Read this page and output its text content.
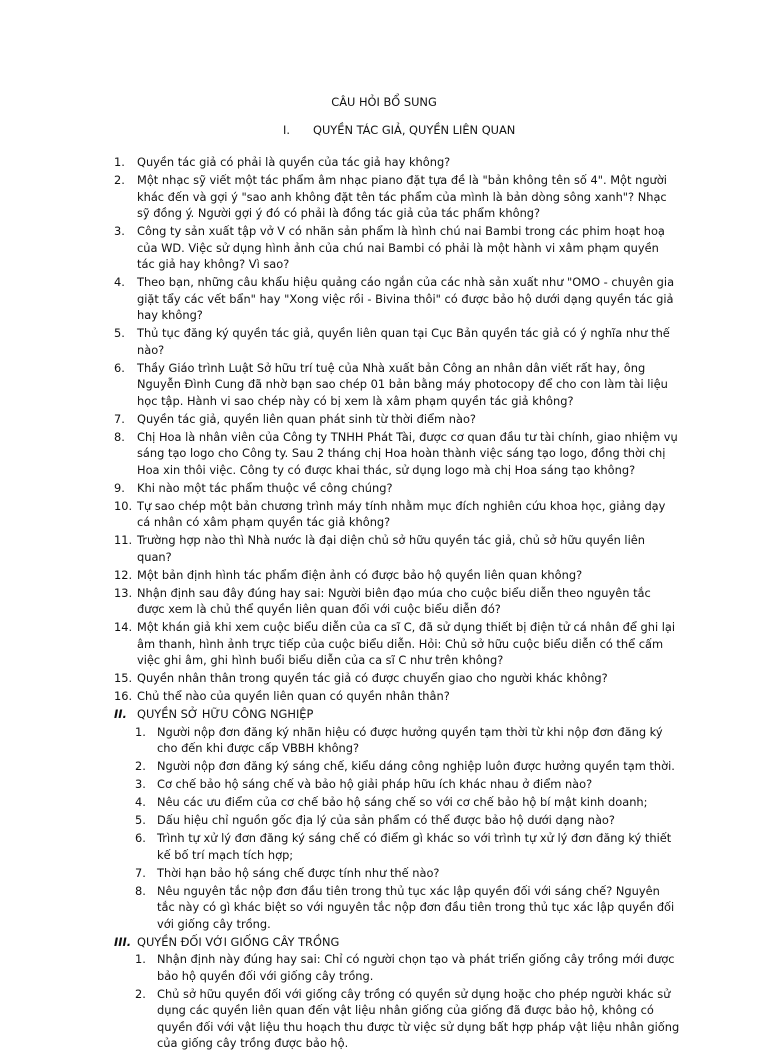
CÂU HỎI BỔ SUNG
I. QUYỀN TÁC GIẢ, QUYỀN LIÊN QUAN
1.	Quyền tác giả có phải là quyền của tác giả hay không?
2.	Một nhạc sỹ viết một tác phẩm âm nhạc piano đặt tựa đề là "bản không tên số 4". Một người khác đến và gợi ý "sao anh không đặt tên tác phẩm của mình là bản dòng sông xanh"? Nhạc sỹ đồng ý. Người gợi ý đó có phải là đồng tác giả của tác phẩm không?
3.	Công ty sản xuất tập vở V có nhãn sản phẩm là hình chú nai Bambi trong các phim hoạt hoạ của WD. Việc sử dụng hình ảnh của chú nai Bambi có phải là một hành vi xâm phạm quyền tác giả hay không? Vì sao?
4.	Theo bạn, những câu khẩu hiệu quảng cáo ngắn của các nhà sản xuất như "OMO - chuyên gia giặt tẩy các vết bẩn" hay "Xong việc rồi - Bivina thôi" có được bảo hộ dưới dạng quyền tác giả hay không?
5.	Thủ tục đăng ký quyền tác giả, quyền liên quan tại Cục Bản quyền tác giả có ý nghĩa như thế nào?
6.	Thầy Giáo trình Luật Sở hữu trí tuệ của Nhà xuất bản Công an nhân dân viết rất hay, ông Nguyễn Đình Cung đã nhờ bạn sao chép 01 bản bằng máy photocopy để cho con làm tài liệu học tập. Hành vi sao chép này có bị xem là xâm phạm quyền tác giả không?
7.	Quyền tác giả, quyền liên quan phát sinh từ thời điểm nào?
8.	Chị Hoa là nhân viên của Công ty TNHH Phát Tài, được cơ quan đầu tư tài chính, giao nhiệm vụ sáng tạo logo cho Công ty. Sau 2 tháng chị Hoa hoàn thành việc sáng tạo logo, đồng thời chị Hoa xin thôi việc. Công ty có được khai thác, sử dụng logo mà chị Hoa sáng tạo không?
9.	Khi nào một tác phẩm thuộc về công chúng?
10. Tự sao chép một bản chương trình máy tính nhằm mục đích nghiên cứu khoa học, giảng dạy cá nhân có xâm phạm quyền tác giả không?
11. Trường hợp nào thì Nhà nước là đại diện chủ sở hữu quyền tác giả, chủ sở hữu quyền liên quan?
12. Một bản định hình tác phẩm điện ảnh có được bảo hộ quyền liên quan không?
13. Nhận định sau đây đúng hay sai: Người biên đạo múa cho cuộc biểu diễn theo nguyên tắc được xem là chủ thể quyền liên quan đối với cuộc biểu diễn đó?
14. Một khán giả khi xem cuộc biểu diễn của ca sĩ C, đã sử dụng thiết bị điện tử cá nhân để ghi lại âm thanh, hình ảnh trực tiếp của cuộc biểu diễn. Hỏi: Chủ sở hữu cuộc biểu diễn có thể cấm việc ghi âm, ghi hình buổi biểu diễn của ca sĩ C như trên không?
15. Quyền nhân thân trong quyền tác giả có được chuyển giao cho người khác không?
16. Chủ thể nào của quyền liên quan có quyền nhân thân?
II. QUYỀN SỞ HỮU CÔNG NGHIỆP
1. Người nộp đơn đăng ký nhãn hiệu có được hưởng quyền tạm thời từ khi nộp đơn đăng ký cho đến khi được cấp VBBH không?
2. Người nộp đơn đăng ký sáng chế, kiểu dáng công nghiệp luôn được hưởng quyền tạm thời.
3. Cơ chế bảo hộ sáng chế và bảo hộ giải pháp hữu ích khác nhau ở điểm nào?
4. Nêu các ưu điểm của cơ chế bảo hộ sáng chế so với cơ chế bảo hộ bí mật kinh doanh;
5. Dấu hiệu chỉ nguồn gốc địa lý của sản phẩm có thể được bảo hộ dưới dạng nào?
6. Trình tự xử lý đơn đăng ký sáng chế có điểm gì khác so với trình tự xử lý đơn đăng ký thiết kế bố trí mạch tích hợp;
7. Thời hạn bảo hộ sáng chế được tính như thế nào?
8. Nêu nguyên tắc nộp đơn đầu tiên trong thủ tục xác lập quyền đối với sáng chế? Nguyên tắc này có gì khác biệt so với nguyên tắc nộp đơn đầu tiên trong thủ tục xác lập quyền đối với giống cây trồng.
III. QUYỀN ĐỐI VỚI GIỐNG CÂY TRỒNG
1. Nhận định này đúng hay sai: Chỉ có người chọn tạo và phát triển giống cây trồng mới được bảo hộ quyền đối với giống cây trồng.
2. Chủ sở hữu quyền đối với giống cây trồng có quyền sử dụng hoặc cho phép người khác sử dụng các quyền liên quan đến vật liệu nhân giống của giống đã được bảo hộ, không có quyền đối với vật liệu thu hoạch thu được từ việc sử dụng bất hợp pháp vật liệu nhân giống của giống cây trồng được bảo hộ.
